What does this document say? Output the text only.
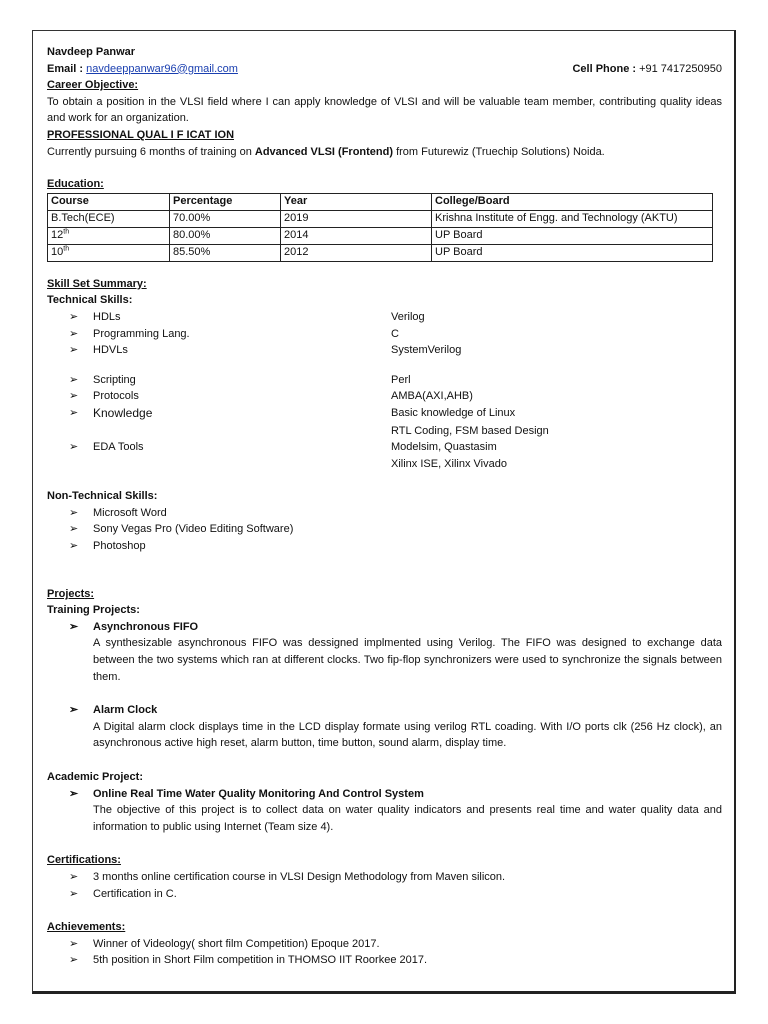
Navdeep Panwar
Email : navdeeppanwar96@gmail.com	Cell Phone : +91 7417250950
Career Objective:
To obtain a position in the VLSI field where I can apply knowledge of VLSI and will be valuable team member, contributing quality ideas and work for an organization.
PROFESSIONAL QUAL I F ICAT ION
Currently pursuing 6 months of training on Advanced VLSI (Frontend) from Futurewiz (Truechip Solutions) Noida.
Education:
Course	Percentage	Year	College/Board
B.Tech(ECE)	70.00%	2019	Krishna Institute of Engg. and Technology (AKTU)
12th	80.00%	2014	UP Board
10th	85.50%	2012	UP Board
Skill Set Summary:
Technical Skills:
➢ HDLs	Verilog
➢ Programming Lang.	C
➢ HDVLs	SystemVerilog
➢ Scripting	Perl
➢ Protocols	AMBA(AXI,AHB)
➢ Knowledge	Basic knowledge of Linux
RTL Coding, FSM based Design
➢ EDA Tools	Modelsim, Quastasim
Xilinx ISE, Xilinx Vivado
Non-Technical Skills:
➢ Microsoft Word
➢ Sony Vegas Pro (Video Editing Software)
➢ Photoshop
Projects:
Training Projects:
➢ Asynchronous FIFO
A synthesizable asynchronous FIFO was dessigned implmented using Verilog. The FIFO was designed to exchange data between the two systems which ran at different clocks. Two fip-flop synchronizers were used to synchronize the signals between them.
➢ Alarm Clock
A Digital alarm clock displays time in the LCD display formate using verilog RTL coading. With I/O ports clk (256 Hz clock), an asynchronous active high reset, alarm button, time button, sound alarm, display time.
Academic Project:
➢ Online Real Time Water Quality Monitoring And Control System
The objective of this project is to collect data on water quality indicators and presents real time and water quality data and information to public using Internet (Team size 4).
Certifications:
➢ 3 months online certification course in VLSI Design Methodology from Maven silicon.
➢ Certification in C.
Achievements:
➢ Winner of Videology( short film Competition) Epoque 2017.
➢ 5th position in Short Film competition in THOMSO IIT Roorkee 2017.
